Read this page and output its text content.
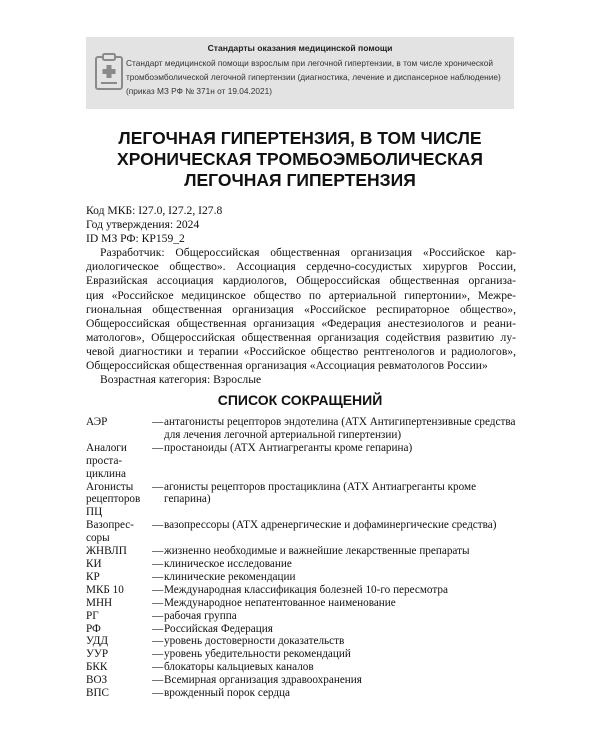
Стандарты оказания медицинской помощи
Стандарт медицинской помощи взрослым при легочной гипертензии, в том числе хронической
тромбоэмболической легочной гипертензии (диагностика, лечение и диспансерное наблюдение)
(приказ МЗ РФ № 371н от 19.04.2021)
ЛЕГОЧНАЯ ГИПЕРТЕНЗИЯ, В ТОМ ЧИСЛЕ
ХРОНИЧЕСКАЯ ТРОМБОЭМБОЛИЧЕСКАЯ
ЛЕГОЧНАЯ ГИПЕРТЕНЗИЯ
Код МКБ: I27.0, I27.2, I27.8
Год утверждения: 2024
ID МЗ РФ: КР159_2
Разработчик: Общероссийская общественная организация «Российское кар-
диологическое общество». Ассоциация сердечно-сосудистых хирургов России,
Евразийская ассоциация кардиологов, Общероссийская общественная организа-
ция «Российское медицинское общество по артериальной гипертонии», Межре-
гиональная общественная организация «Российское респираторное общество»,
Общероссийская общественная организация «Федерация анестезиологов и реани-
матологов», Общероссийская общественная организация содействия развитию лу-
чевой диагностики и терапии «Российское общество рентгенологов и радиологов»,
Общероссийская общественная организация «Ассоциация ревматологов России»
Возрастная категория: Взрослые
СПИСОК СОКРАЩЕНИЙ
АЭР	— антагонисты рецепторов эндотелина (АТХ Антигипертензивные средства для лечения легочной артериальной гипертензии)
Аналоги простациклина
— простаноиды (АТХ Антиагреганты кроме гепарина)
Агонисты рецепторов ПЦ
— агонисты рецепторов простациклина (АТХ Антиагреганты кроме гепарина)
Вазопрессоры
— вазопрессоры (АТХ адренергические и дофаминергические средства)
ЖНВЛП	— жизненно необходимые и важнейшие лекарственные препараты
КИ	— клиническое исследование
КР	— клинические рекомендации
МКБ 10	— Международная классификация болезней 10-го пересмотра
МНН	— Международное непатентованное наименование
РГ	— рабочая группа
РФ	— Российская Федерация
УДД	— уровень достоверности доказательств
УУР	— уровень убедительности рекомендаций
БКК	— блокаторы кальциевых каналов
ВОЗ	— Всемирная организация здравоохранения
ВПС	— врожденный порок сердца
